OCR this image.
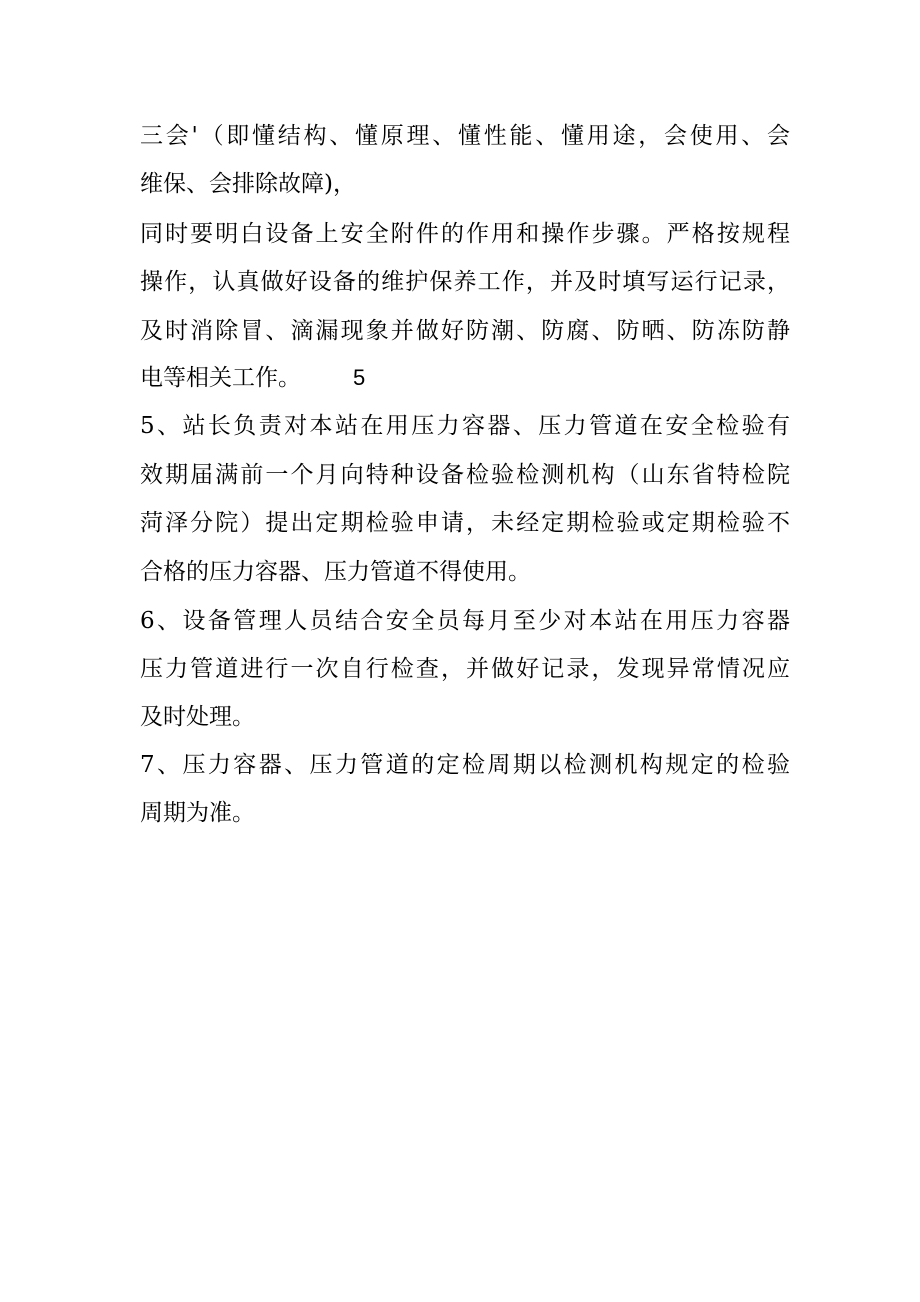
三会'（即懂结构、懂原理、懂性能、懂用途，会使用、会
维保、会排除故障)，
同时要明白设备上安全附件的作用和操作步骤。严格按规程
操作，认真做好设备的维护保养工作，并及时填写运行记录，
及时消除冒、滴漏现象并做好防潮、防腐、防晒、防冻防静
电等相关工作。 5
5、站长负责对本站在用压力容器、压力管道在安全检验有
效期届满前一个月向特种设备检验检测机构（山东省特检院
菏泽分院）提出定期检验申请，未经定期检验或定期检验不
合格的压力容器、压力管道不得使用。
6、设备管理人员结合安全员每月至少对本站在用压力容器
压力管道进行一次自行检查，并做好记录，发现异常情况应
及时处理。
7、压力容器、压力管道的定检周期以检测机构规定的检验
周期为准。
